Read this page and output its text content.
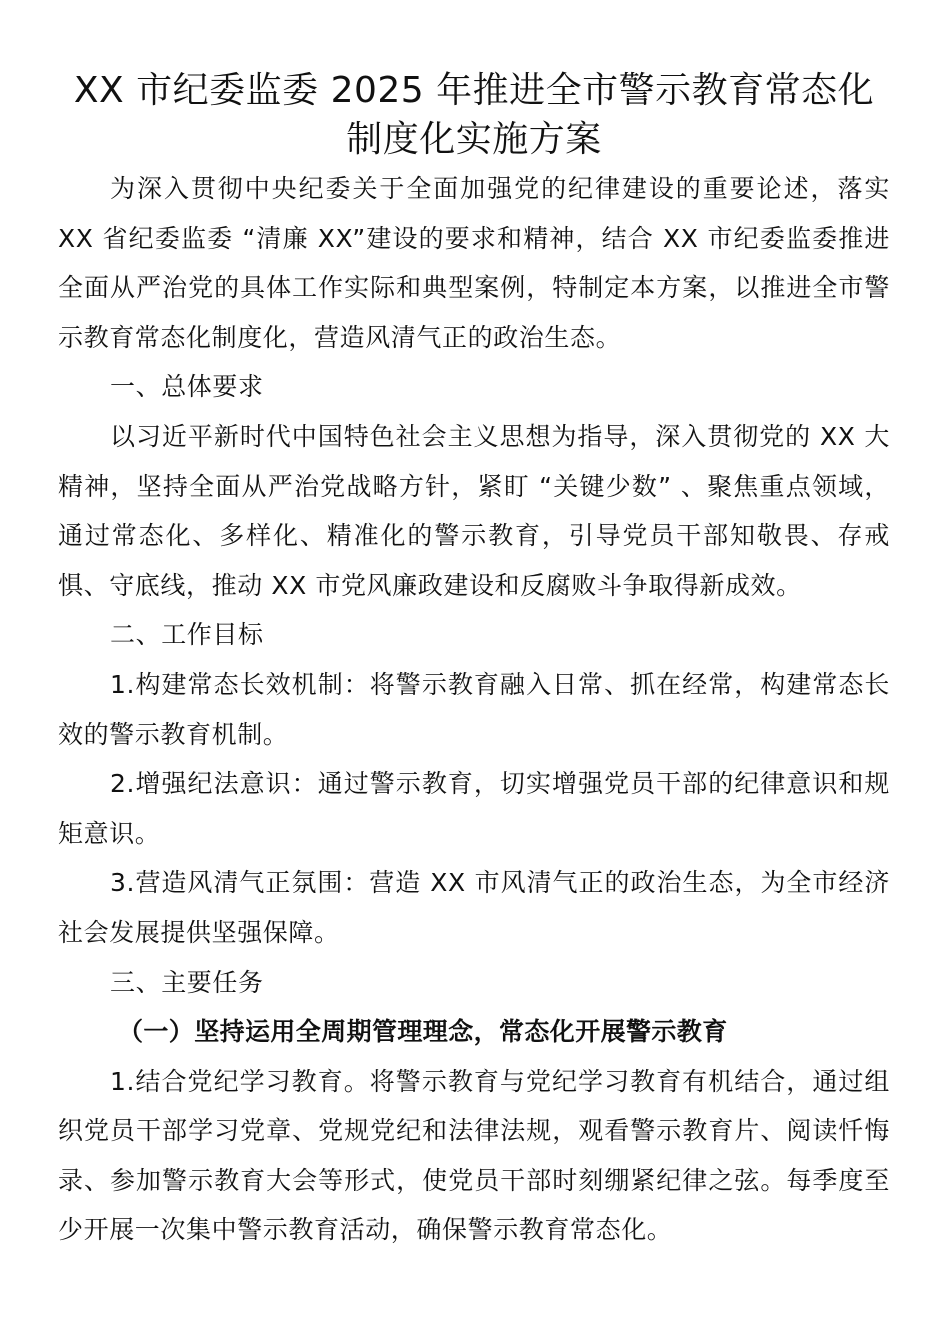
XX 市纪委监委 2025 年推进全市警示教育常态化制度化实施方案

为深入贯彻中央纪委关于全面加强党的纪律建设的重要论述，落实 XX 省纪委监委 “清廉 XX”建设的要求和精神，结合 XX 市纪委监委推进全面从严治党的具体工作实际和典型案例，特制定本方案，以推进全市警示教育常态化制度化，营造风清气正的政治生态。

一、总体要求

以习近平新时代中国特色社会主义思想为指导，深入贯彻党的 XX 大精神，坚持全面从严治党战略方针，紧盯 “关键少数” 、聚焦重点领域，通过常态化、多样化、精准化的警示教育，引导党员干部知敬畏、存戒惧、守底线，推动 XX 市党风廉政建设和反腐败斗争取得新成效。

二、工作目标

1.构建常态长效机制：将警示教育融入日常、抓在经常，构建常态长效的警示教育机制。

2.增强纪法意识：通过警示教育，切实增强党员干部的纪律意识和规矩意识。

3.营造风清气正氛围：营造 XX 市风清气正的政治生态，为全市经济社会发展提供坚强保障。

三、主要任务

（一）坚持运用全周期管理理念，常态化开展警示教育

1.结合党纪学习教育。将警示教育与党纪学习教育有机结合，通过组织党员干部学习党章、党规党纪和法律法规，观看警示教育片、阅读忏悔录、参加警示教育大会等形式，使党员干部时刻绷紧纪律之弦。每季度至少开展一次集中警示教育活动，确保警示教育常态化。
